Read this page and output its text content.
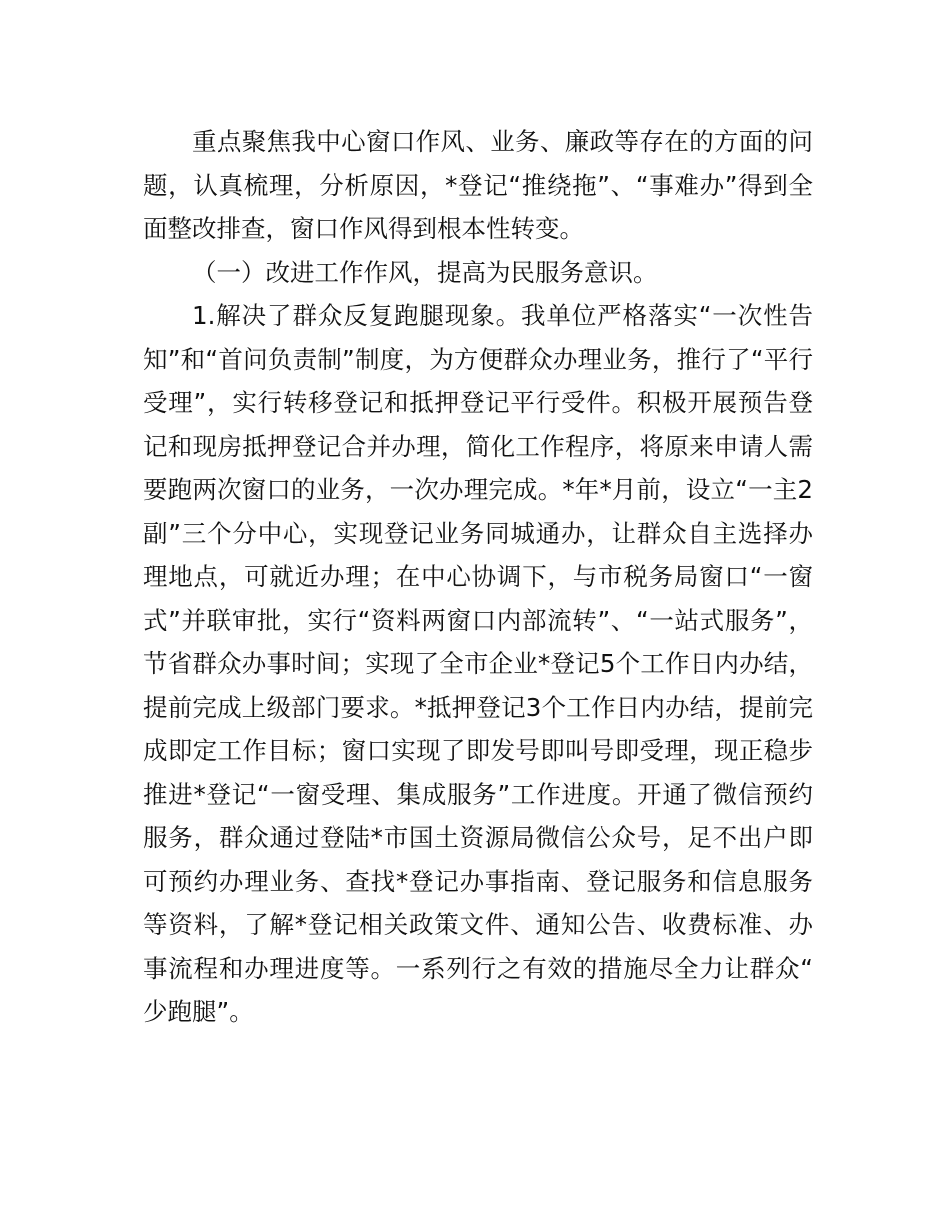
重点聚焦我中心窗口作风、业务、廉政等存在的方面的问题，认真梳理，分析原因，*登记“推绕拖”、“事难办”得到全面整改排查，窗口作风得到根本性转变。

（一）改进工作作风，提高为民服务意识。

1.解决了群众反复跑腿现象。我单位严格落实“一次性告知”和“首问负责制”制度，为方便群众办理业务，推行了“平行受理”，实行转移登记和抵押登记平行受件。积极开展预告登记和现房抵押登记合并办理，简化工作程序，将原来申请人需要跑两次窗口的业务，一次办理完成。*年*月前，设立“一主2副”三个分中心，实现登记业务同城通办，让群众自主选择办理地点，可就近办理；在中心协调下，与市税务局窗口“一窗式”并联审批，实行“资料两窗口内部流转”、“一站式服务”，节省群众办事时间；实现了全市企业*登记5个工作日内办结，提前完成上级部门要求。*抵押登记3个工作日内办结，提前完成即定工作目标；窗口实现了即发号即叫号即受理，现正稳步推进*登记“一窗受理、集成服务”工作进度。开通了微信预约服务，群众通过登陆*市国土资源局微信公众号，足不出户即可预约办理业务、查找*登记办事指南、登记服务和信息服务等资料，了解*登记相关政策文件、通知公告、收费标准、办事流程和办理进度等。一系列行之有效的措施尽全力让群众“少跑腿”。
